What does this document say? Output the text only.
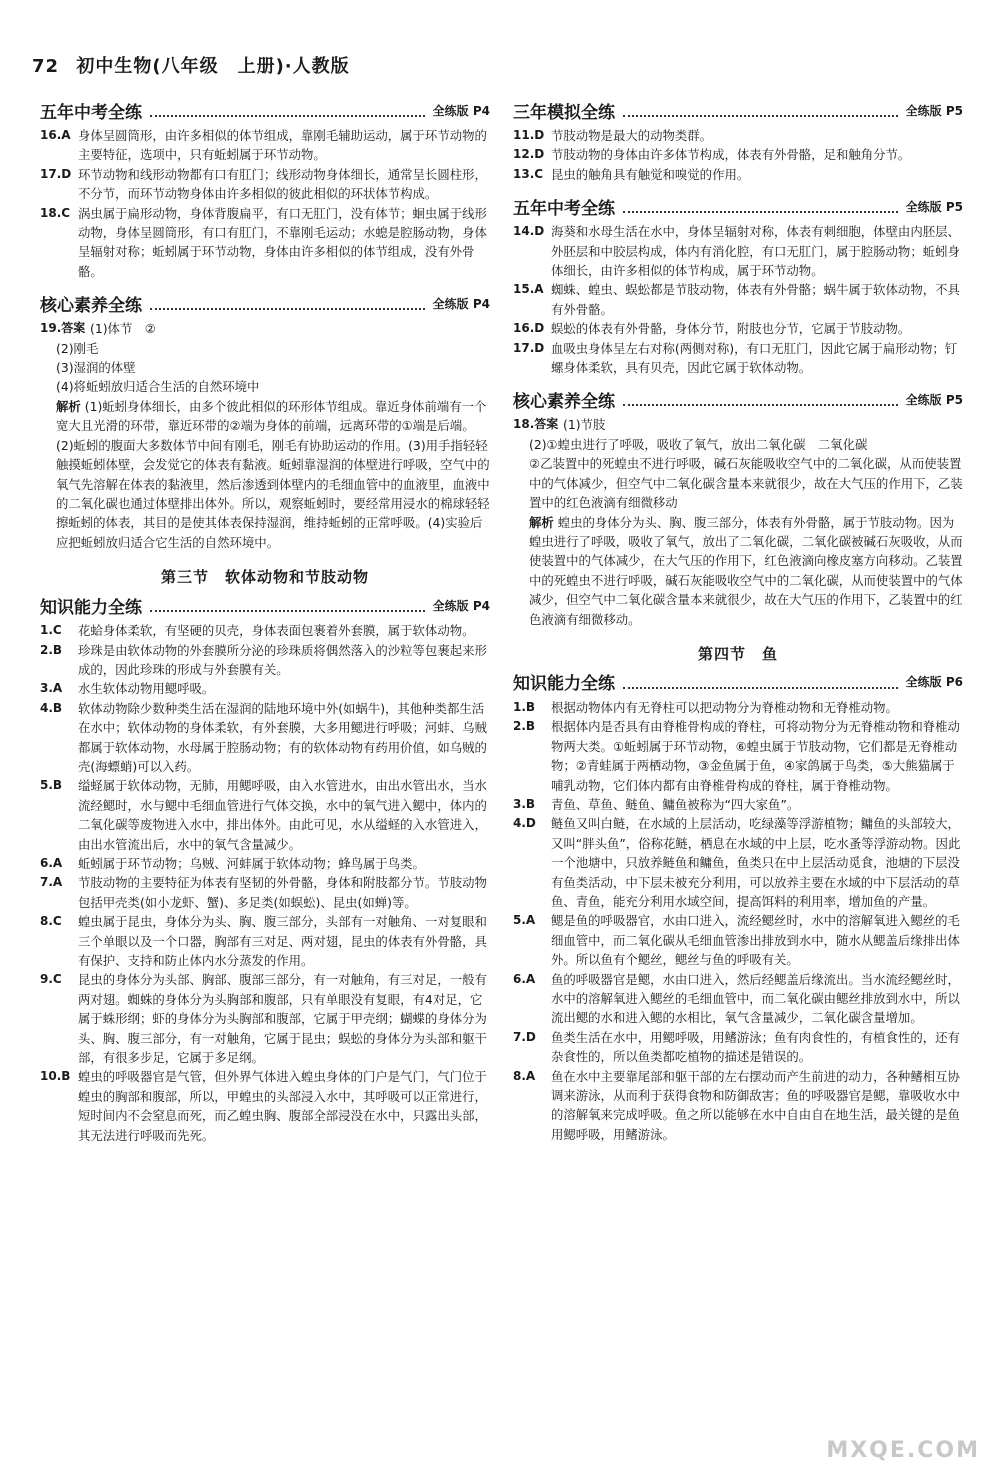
72 初中生物(八年级　上册)·人教版
五年中考全练	全练版 P4
16.A 身体呈圆筒形，由许多相似的体节组成，靠刚毛辅助运动，属于环节动物的主要特征，选项中，只有蚯蚓属于环节动物。
17.D 环节动物和线形动物都有口有肛门；线形动物身体细长，通常呈长圆柱形，不分节，而环节动物身体由许多相似的彼此相似的环状体节构成。
18.C 涡虫属于扁形动物，身体背腹扁平，有口无肛门，没有体节；蛔虫属于线形动物，身体呈圆筒形，有口有肛门，不靠刚毛运动；水螅是腔肠动物，身体呈辐射对称；蚯蚓属于环节动物，身体由许多相似的体节组成，没有外骨骼。
核心素养全练	全练版 P4
19.答案 (1)体节　②
(2)刚毛
(3)湿润的体壁
(4)将蚯蚓放归适合生活的自然环境中
解析 (1)蚯蚓身体细长，由多个彼此相似的环形体节组成。靠近身体前端有一个宽大且光滑的环带，靠近环带的②端为身体的前端，远离环带的①端是后端。(2)蚯蚓的腹面大多数体节中间有刚毛，刚毛有协助运动的作用。(3)用手指轻轻触摸蚯蚓体壁，会发觉它的体表有黏液。蚯蚓靠湿润的体壁进行呼吸，空气中的氧气先溶解在体表的黏液里，然后渗透到体壁内的毛细血管中的血液里，血液中的二氧化碳也通过体壁排出体外。所以，观察蚯蚓时，要经常用浸水的棉球轻轻擦蚯蚓的体表，其目的是使其体表保持湿润，维持蚯蚓的正常呼吸。(4)实验后应把蚯蚓放归适合它生活的自然环境中。
第三节　软体动物和节肢动物
知识能力全练	全练版 P4
1.C	花蛤身体柔软，有坚硬的贝壳，身体表面包裹着外套膜，属于软体动物。
2.B	珍珠是由软体动物的外套膜所分泌的珍珠质将偶然落入的沙粒等包裹起来形成的，因此珍珠的形成与外套膜有关。
3.A	水生软体动物用鳃呼吸。
4.B	软体动物除少数种类生活在湿润的陆地环境中外(如蜗牛)，其他种类都生活在水中；软体动物的身体柔软，有外套膜，大多用鳃进行呼吸；河蚌、乌贼都属于软体动物，水母属于腔肠动物；有的软体动物有药用价值，如乌贼的壳(海螵蛸)可以入药。
5.B	缢蛏属于软体动物，无肺，用鳃呼吸，由入水管进水，由出水管出水，当水流经鳃时，水与鳃中毛细血管进行气体交换，水中的氧气进入鳃中，体内的二氧化碳等废物进入水中，排出体外。由此可见，水从缢蛏的入水管进入，由出水管流出后，水中的氧气含量减少。
6.A	蚯蚓属于环节动物；乌贼、河蚌属于软体动物；蜂鸟属于鸟类。
7.A	节肢动物的主要特征为体表有坚韧的外骨骼，身体和附肢都分节。节肢动物包括甲壳类(如小龙虾、蟹)、多足类(如蜈蚣)、昆虫(如蝉)等。
8.C	蝗虫属于昆虫，身体分为头、胸、腹三部分，头部有一对触角、一对复眼和三个单眼以及一个口器，胸部有三对足、两对翅，昆虫的体表有外骨骼，具有保护、支持和防止体内水分蒸发的作用。
9.C	昆虫的身体分为头部、胸部、腹部三部分，有一对触角，有三对足，一般有两对翅。蜘蛛的身体分为头胸部和腹部，只有单眼没有复眼，有4对足，它属于蛛形纲；虾的身体分为头胸部和腹部，它属于甲壳纲；蝴蝶的身体分为头、胸、腹三部分，有一对触角，它属于昆虫；蜈蚣的身体分为头部和躯干部，有很多步足，它属于多足纲。
10.B 蝗虫的呼吸器官是气管，但外界气体进入蝗虫身体的门户是气门，气门位于蝗虫的胸部和腹部，所以，甲蝗虫的头部浸入水中，其呼吸可以正常进行，短时间内不会窒息而死，而乙蝗虫胸、腹部全部浸没在水中，只露出头部，其无法进行呼吸而先死。
三年模拟全练	全练版 P5
11.D 节肢动物是最大的动物类群。
12.D 节肢动物的身体由许多体节构成，体表有外骨骼，足和触角分节。
13.C 昆虫的触角具有触觉和嗅觉的作用。
五年中考全练	全练版 P5
14.D 海葵和水母生活在水中，身体呈辐射对称，体表有刺细胞，体壁由内胚层、外胚层和中胶层构成，体内有消化腔，有口无肛门，属于腔肠动物；蚯蚓身体细长，由许多相似的体节构成，属于环节动物。
15.A 蜘蛛、蝗虫、蜈蚣都是节肢动物，体表有外骨骼；蜗牛属于软体动物，不具有外骨骼。
16.D 蜈蚣的体表有外骨骼，身体分节，附肢也分节，它属于节肢动物。
17.D 血吸虫身体呈左右对称(两侧对称)，有口无肛门，因此它属于扁形动物；钉螺身体柔软，具有贝壳，因此它属于软体动物。
核心素养全练	全练版 P5
18.答案 (1)节肢
(2)①蝗虫进行了呼吸，吸收了氧气，放出二氧化碳　二氧化碳
②乙装置中的死蝗虫不进行呼吸，碱石灰能吸收空气中的二氧化碳，从而使装置中的气体减少，但空气中二氧化碳含量本来就很少，故在大气压的作用下，乙装置中的红色液滴有细微移动
解析 蝗虫的身体分为头、胸、腹三部分，体表有外骨骼，属于节肢动物。因为蝗虫进行了呼吸，吸收了氧气，放出了二氧化碳，二氧化碳被碱石灰吸收，从而使装置中的气体减少，在大气压的作用下，红色液滴向橡皮塞方向移动。乙装置中的死蝗虫不进行呼吸，碱石灰能吸收空气中的二氧化碳，从而使装置中的气体减少，但空气中二氧化碳含量本来就很少，故在大气压的作用下，乙装置中的红色液滴有细微移动。
第四节　鱼
知识能力全练	全练版 P6
1.B	根据动物体内有无脊柱可以把动物分为脊椎动物和无脊椎动物。
2.B	根据体内是否具有由脊椎骨构成的脊柱，可将动物分为无脊椎动物和脊椎动物两大类。①蚯蚓属于环节动物，⑥蝗虫属于节肢动物，它们都是无脊椎动物；②青蛙属于两栖动物，③金鱼属于鱼，④家鸽属于鸟类，⑤大熊猫属于哺乳动物，它们体内都有由脊椎骨构成的脊柱，属于脊椎动物。
3.B	青鱼、草鱼、鲢鱼、鳙鱼被称为“四大家鱼”。
4.D	鲢鱼又叫白鲢，在水域的上层活动，吃绿藻等浮游植物；鳙鱼的头部较大，又叫“胖头鱼”，俗称花鲢，栖息在水域的中上层，吃水蚤等浮游动物。因此一个池塘中，只放养鲢鱼和鳙鱼，鱼类只在中上层活动觅食，池塘的下层没有鱼类活动，中下层未被充分利用，可以放养主要在水域的中下层活动的草鱼、青鱼，能充分利用水域空间，提高饵料的利用率，增加鱼的产量。
5.A	鳃是鱼的呼吸器官，水由口进入，流经鳃丝时，水中的溶解氧进入鳃丝的毛细血管中，而二氧化碳从毛细血管渗出排放到水中，随水从鳃盖后缘排出体外。所以鱼有个鳃丝，鳃丝与鱼的呼吸有关。
6.A	鱼的呼吸器官是鳃，水由口进入，然后经鳃盖后缘流出。当水流经鳃丝时，水中的溶解氧进入鳃丝的毛细血管中，而二氧化碳由鳃丝排放到水中，所以流出鳃的水和进入鳃的水相比，氧气含量减少，二氧化碳含量增加。
7.D	鱼类生活在水中，用鳃呼吸，用鳍游泳；鱼有肉食性的，有植食性的，还有杂食性的，所以鱼类都吃植物的描述是错误的。
8.A	鱼在水中主要靠尾部和躯干部的左右摆动而产生前进的动力，各种鳍相互协调来游泳，从而利于获得食物和防御敌害；鱼的呼吸器官是鳃，靠吸收水中的溶解氧来完成呼吸。鱼之所以能够在水中自由自在地生活，最关键的是鱼用鳃呼吸，用鳍游泳。
MXQE.COM
